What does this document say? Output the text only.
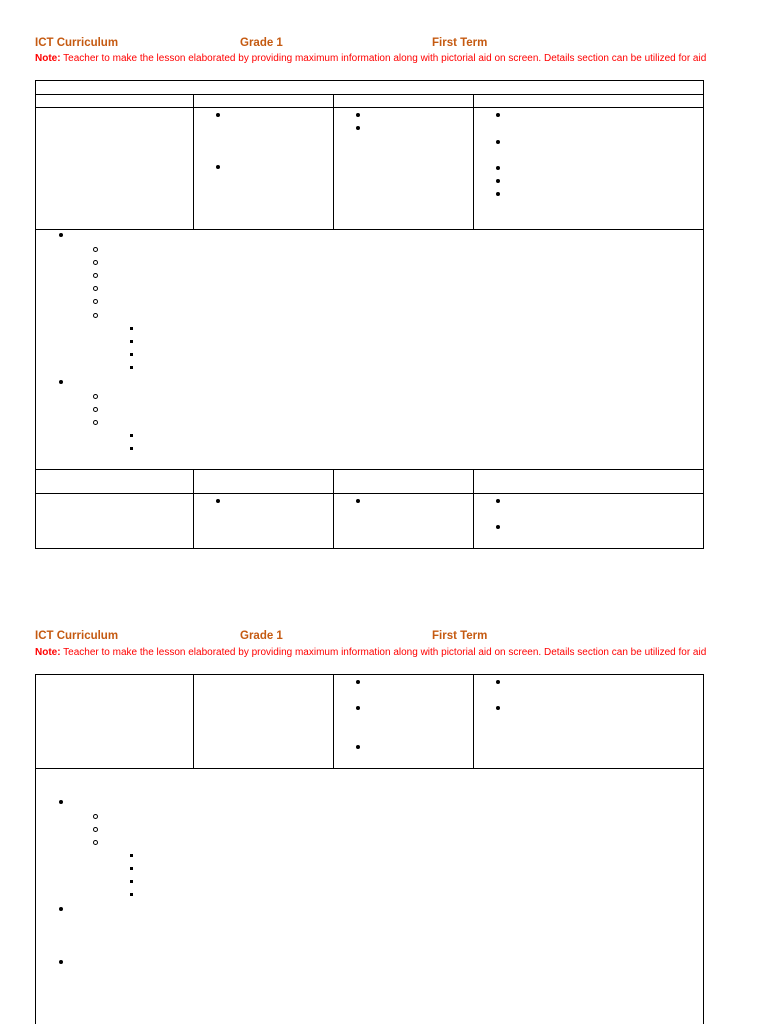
ICT Curriculum	Grade 1	First Term
Note: Teacher to make the lesson elaborated by providing maximum information along with pictorial aid on screen. Details section can be utilized for aid
ICT Curriculum	Grade 1	First Term
Note: Teacher to make the lesson elaborated by providing maximum information along with pictorial aid on screen. Details section can be utilized for aid
